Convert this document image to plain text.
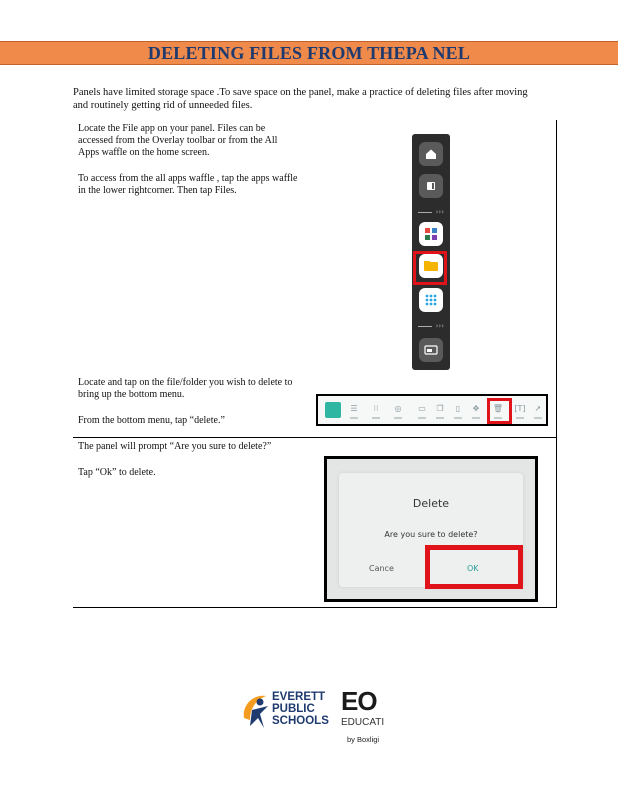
DELETING FILES FROM THEPA NEL
Panels have limited storage space .To save space on the panel, make a practice of deleting files after moving and routinely getting rid of unneeded files.

Locate the File app on your panel. Files can be accessed from the Overlay toolbar or from the All Apps waffle on the home screen.

To access from the all apps waffle , tap the apps waffle in the lower rightcorner. Then tap Files.

Locate and tap on the file/folder you wish to delete to bring up the bottom menu.

From the bottom menu, tap “delete.”

The panel will prompt “Are you sure to delete?”

Tap “Ok” to delete.

›››
›››
☰	⁝⁝	◎	▭	❐	▯	✥	🗑 [T]	➚
Delete
Are you sure to delete?
Cance	OK
EVERETT
PUBLIC
SCHOOLS
EO
EDUCATI
by Boxligi
